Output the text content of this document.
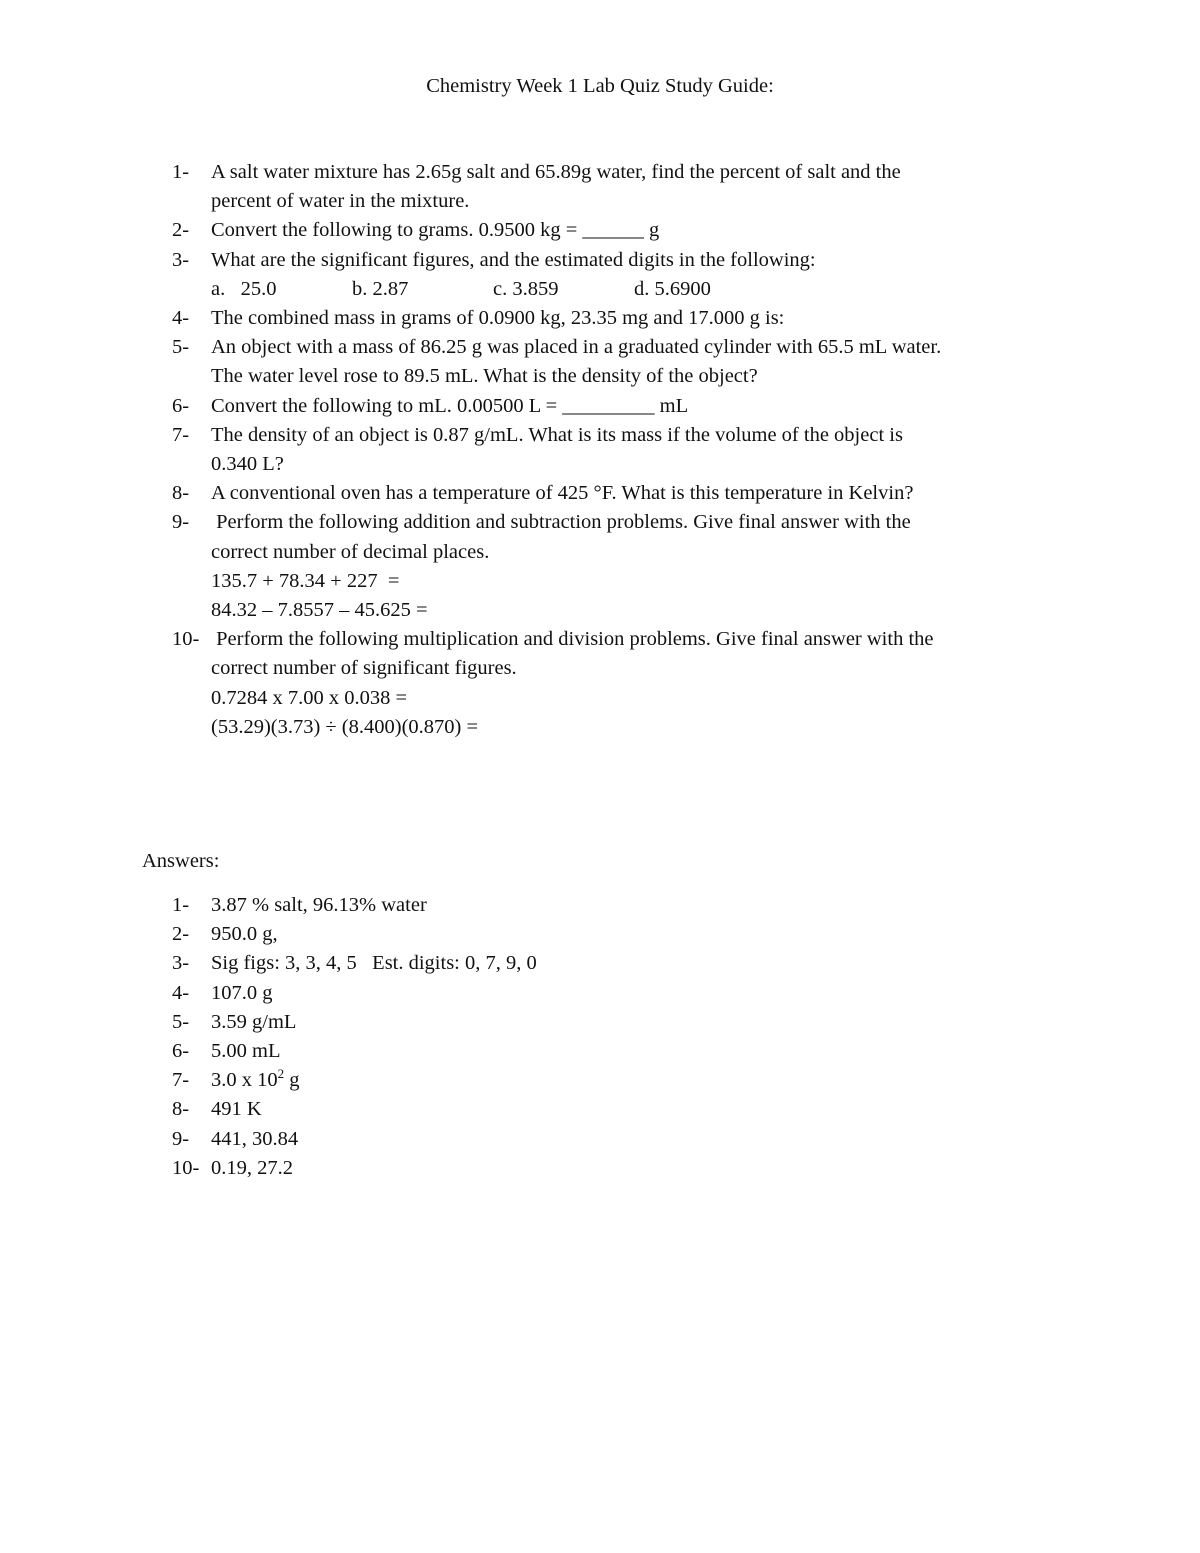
Chemistry Week 1 Lab Quiz Study Guide:
1- A salt water mixture has 2.65g salt and 65.89g water, find the percent of salt and the
percent of water in the mixture.
2- Convert the following to grams. 0.9500 kg = ______ g
3- What are the significant figures, and the estimated digits in the following:
a.   25.0	b. 2.87	c. 3.859	d. 5.6900
4- The combined mass in grams of 0.0900 kg, 23.35 mg and 17.000 g is:
5- An object with a mass of 86.25 g was placed in a graduated cylinder with 65.5 mL water.
The water level rose to 89.5 mL. What is the density of the object?
6- Convert the following to mL. 0.00500 L = _________ mL
7- The density of an object is 0.87 g/mL. What is its mass if the volume of the object is
0.340 L?
8- A conventional oven has a temperature of 425 °F. What is this temperature in Kelvin?
9- Perform the following addition and subtraction problems. Give final answer with the
correct number of decimal places.
135.7 + 78.34 + 227  =
84.32 – 7.8557 – 45.625 =
10- Perform the following multiplication and division problems. Give final answer with the
correct number of significant figures.
0.7284 x 7.00 x 0.038 =
(53.29)(3.73) ÷ (8.400)(0.870) =
Answers:
1- 3.87 % salt, 96.13% water
2- 950.0 g,
3- Sig figs: 3, 3, 4, 5   Est. digits: 0, 7, 9, 0
4- 107.0 g
5- 3.59 g/mL
6- 5.00 mL
7- 3.0 x $10^2$ g
8- 491 K
9- 441, 30.84
10- 0.19, 27.2
